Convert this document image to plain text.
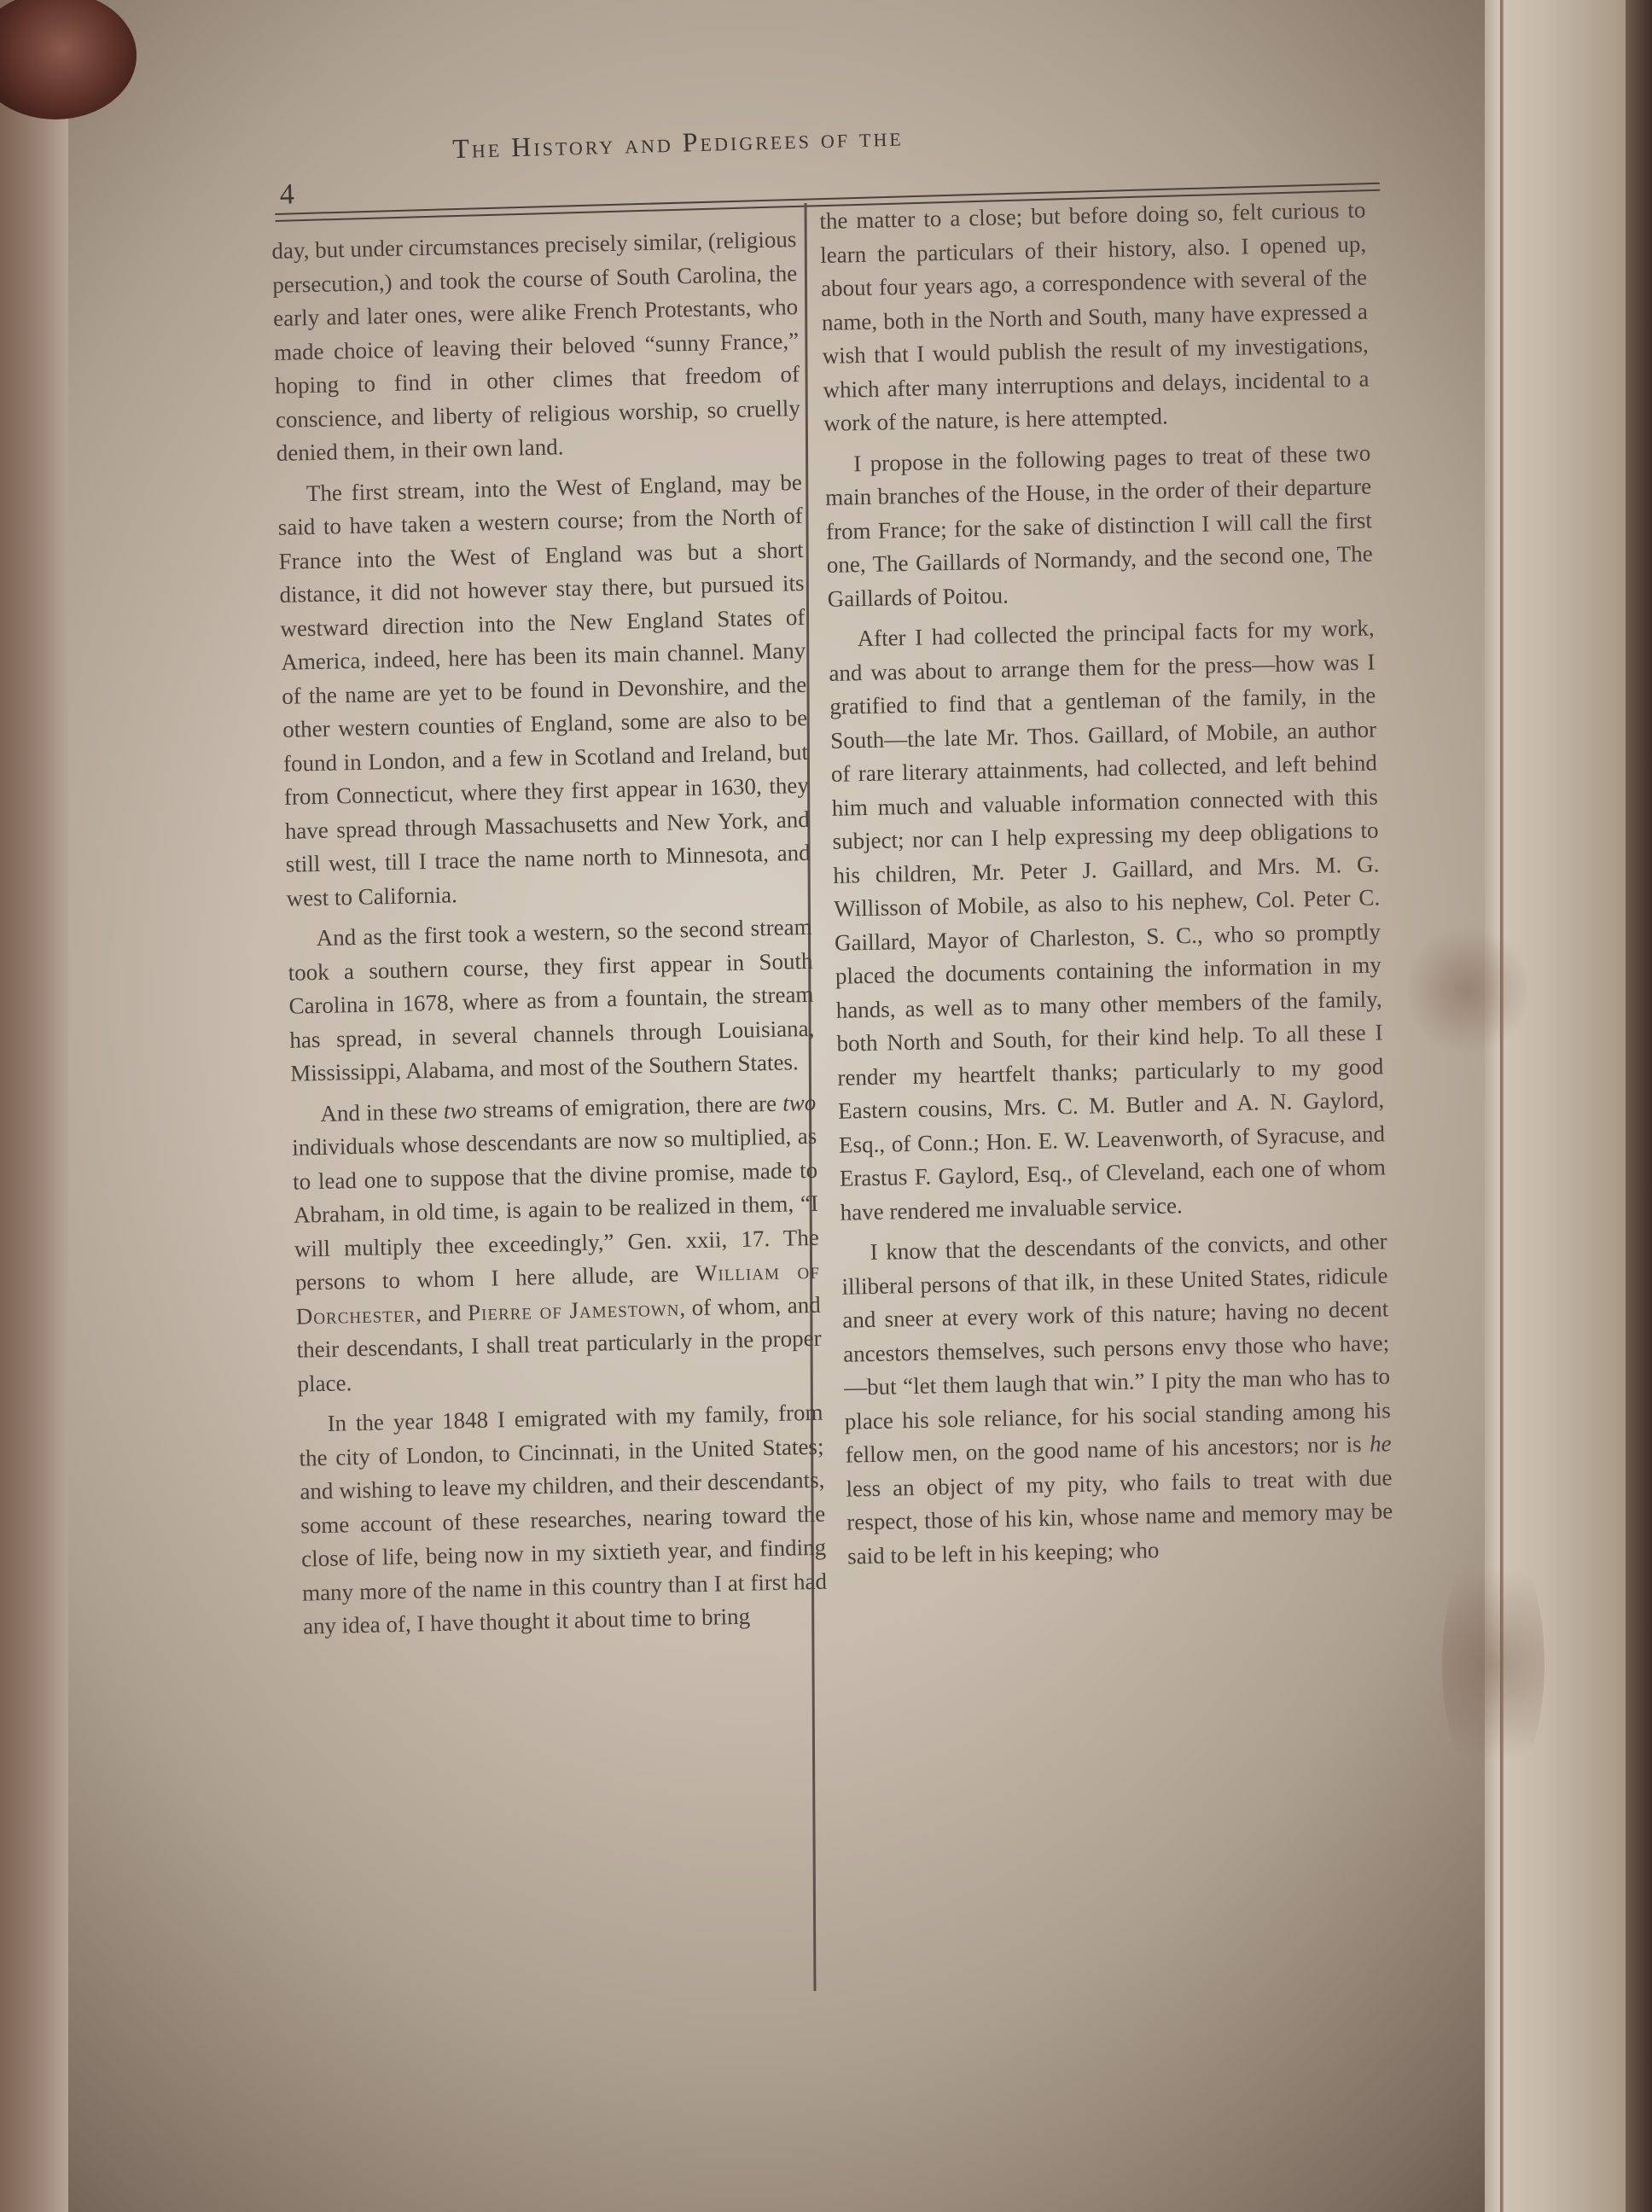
4
The History and Pedigrees of the

day, but under circumstances precisely similar, (religious persecution,) and took the course of South Carolina, the early and later ones, were alike French Protestants, who made choice of leaving their beloved “sunny France,” hoping to find in other climes that freedom of conscience, and liberty of religious worship, so cruelly denied them, in their own land.

The first stream, into the West of England, may be said to have taken a western course; from the North of France into the West of England was but a short distance, it did not however stay there, but pursued its westward direction into the New England States of America, indeed, here has been its main channel. Many of the name are yet to be found in Devonshire, and the other western counties of England, some are also to be found in London, and a few in Scotland and Ireland, but from Connecticut, where they first appear in 1630, they have spread through Massachusetts and New York, and still west, till I trace the name north to Minnesota, and west to California.

And as the first took a western, so the second stream took a southern course, they first appear in South Carolina in 1678, where as from a fountain, the stream has spread, in several channels through Louisiana, Mississippi, Alabama, and most of the Southern States.

And in these two streams of emigration, there are two individuals whose descendants are now so multiplied, as to lead one to suppose that the divine promise, made to Abraham, in old time, is again to be realized in them, “I will multiply thee exceedingly,” Gen. xxii, 17. The persons to whom I here allude, are William of Dorchester, and Pierre of Jamestown, of whom, and their descendants, I shall treat particularly in the proper place.

In the year 1848 I emigrated with my family, from the city of London, to Cincinnati, in the United States; and wishing to leave my children, and their descendants, some account of these researches, nearing toward the close of life, being now in my sixtieth year, and finding many more of the name in this country than I at first had any idea of, I have thought it about time to bring

the matter to a close; but before doing so, felt curious to learn the particulars of their history, also. I opened up, about four years ago, a correspondence with several of the name, both in the North and South, many have expressed a wish that I would publish the result of my investigations, which after many interruptions and delays, incidental to a work of the nature, is here attempted.

I propose in the following pages to treat of these two main branches of the House, in the order of their departure from France; for the sake of distinction I will call the first one, The Gaillards of Normandy, and the second one, The Gaillards of Poitou.

After I had collected the principal facts for my work, and was about to arrange them for the press—how was I gratified to find that a gentleman of the family, in the South—the late Mr. Thos. Gaillard, of Mobile, an author of rare literary attainments, had collected, and left behind him much and valuable information connected with this subject; nor can I help expressing my deep obligations to his children, Mr. Peter J. Gaillard, and Mrs. M. G. Willisson of Mobile, as also to his nephew, Col. Peter C. Gaillard, Mayor of Charleston, S. C., who so promptly placed the documents containing the information in my hands, as well as to many other members of the family, both North and South, for their kind help. To all these I render my heartfelt thanks; particularly to my good Eastern cousins, Mrs. C. M. Butler and A. N. Gaylord, Esq., of Conn.; Hon. E. W. Leavenworth, of Syracuse, and Erastus F. Gaylord, Esq., of Cleveland, each one of whom have rendered me invaluable service.

I know that the descendants of the convicts, and other illiberal persons of that ilk, in these United States, ridicule and sneer at every work of this nature; having no decent ancestors themselves, such persons envy those who have;—but “let them laugh that win.” I pity the man who has to place his sole reliance, for his social standing among his fellow men, on the good name of his ancestors; nor is he less an object of my pity, who fails to treat with due respect, those of his kin, whose name and memory may be said to be left in his keeping; who
